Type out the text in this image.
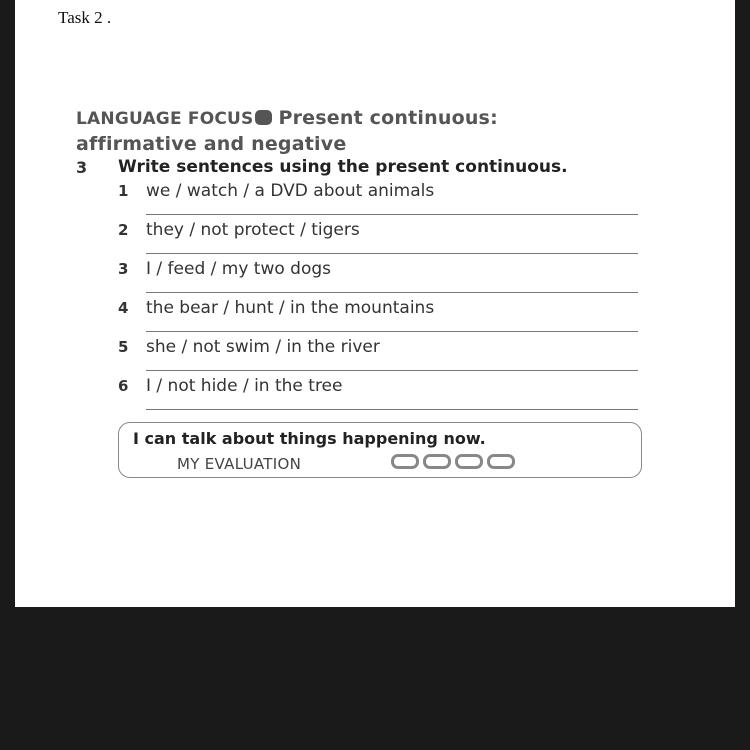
Task 2 .
LANGUAGE FOCUS Present continuous:
affirmative and negative
3 Write sentences using the present continuous.
1 we / watch / a DVD about animals
2 they / not protect / tigers
3 I / feed / my two dogs
4 the bear / hunt / in the mountains
5 she / not swim / in the river
6 I / not hide / in the tree
I can talk about things happening now.
MY EVALUATION
